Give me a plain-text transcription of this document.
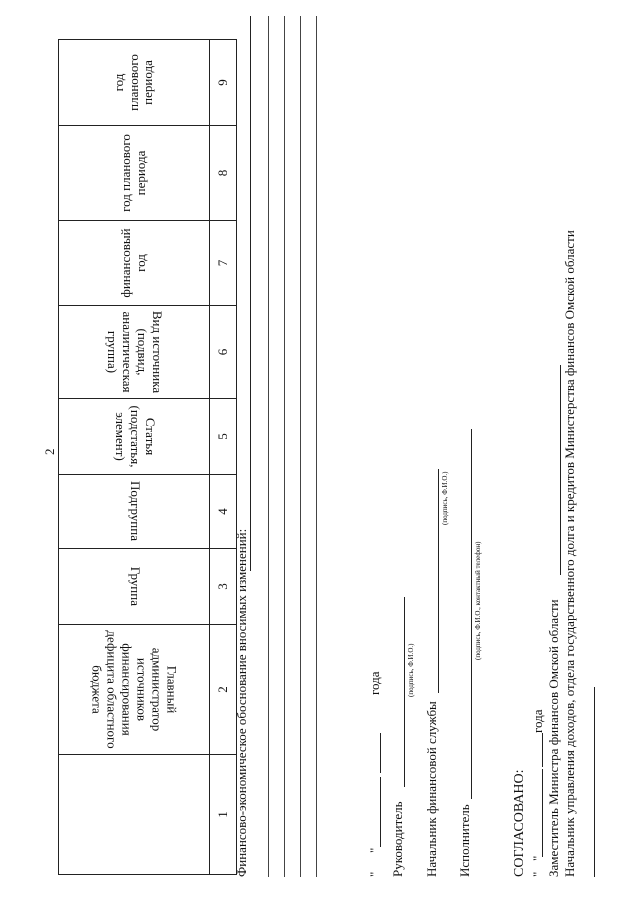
2
	Главный администратор источников финансирования дефицита областного бюджета	Группа	Подгруппа	Статья (подстатья, элемент)	Вид источника (подвид, аналитическая группа)	финансовый год	год планового периода	год планового периода
1	2	3	4	5	6	7	8	9
Финансово-экономическое обоснование вносимых изменений:	"
"
года
Руководитель
(подпись, Ф.И.О.)
Начальник финансовой службы
(подпись, Ф.И.О.)
Исполнитель
(подпись, Ф.И.О., контактный телефон)
СОГЛАСОВАНО: "
"
года Заместитель Министра финансов Омской области Начальник управления доходов, отдела государственного долга и кредитов Министерства финансов Омской области
